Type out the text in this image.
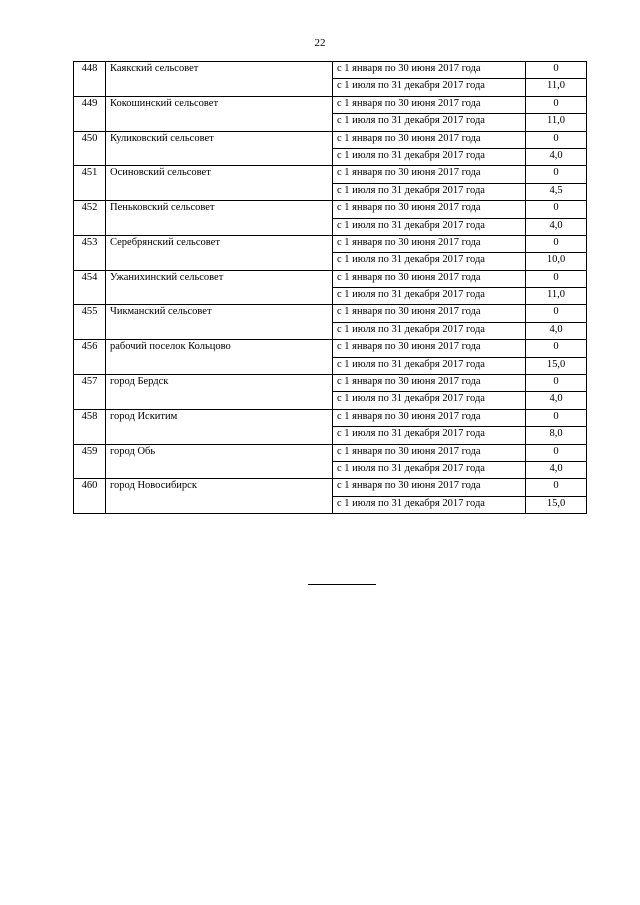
22
448	Каякский сельсовет	с 1 января по 30 июня 2017 года	0
		с 1 июля по 31 декабря 2017 года	11,0
449	Кокошинский сельсовет	с 1 января по 30 июня 2017 года	0
		с 1 июля по 31 декабря 2017 года	11,0
450	Куликовский сельсовет	с 1 января по 30 июня 2017 года	0
		с 1 июля по 31 декабря 2017 года	4,0
451	Осиновский сельсовет	с 1 января по 30 июня 2017 года	0
		с 1 июля по 31 декабря 2017 года	4,5
452	Пеньковский сельсовет	с 1 января по 30 июня 2017 года	0
		с 1 июля по 31 декабря 2017 года	4,0
453	Серебрянский сельсовет	с 1 января по 30 июня 2017 года	0
		с 1 июля по 31 декабря 2017 года	10,0
454	Ужанихинский сельсовет	с 1 января по 30 июня 2017 года	0
		с 1 июля по 31 декабря 2017 года	11,0
455	Чикманский сельсовет	с 1 января по 30 июня 2017 года	0
		с 1 июля по 31 декабря 2017 года	4,0
456	рабочий поселок Кольцово	с 1 января по 30 июня 2017 года	0
		с 1 июля по 31 декабря 2017 года	15,0
457	город Бердск	с 1 января по 30 июня 2017 года	0
		с 1 июля по 31 декабря 2017 года	4,0
458	город Искитим	с 1 января по 30 июня 2017 года	0
		с 1 июля по 31 декабря 2017 года	8,0
459	город Обь	с 1 января по 30 июня 2017 года	0
		с 1 июля по 31 декабря 2017 года	4,0
460	город Новосибирск	с 1 января по 30 июня 2017 года	0
		с 1 июля по 31 декабря 2017 года	15,0
